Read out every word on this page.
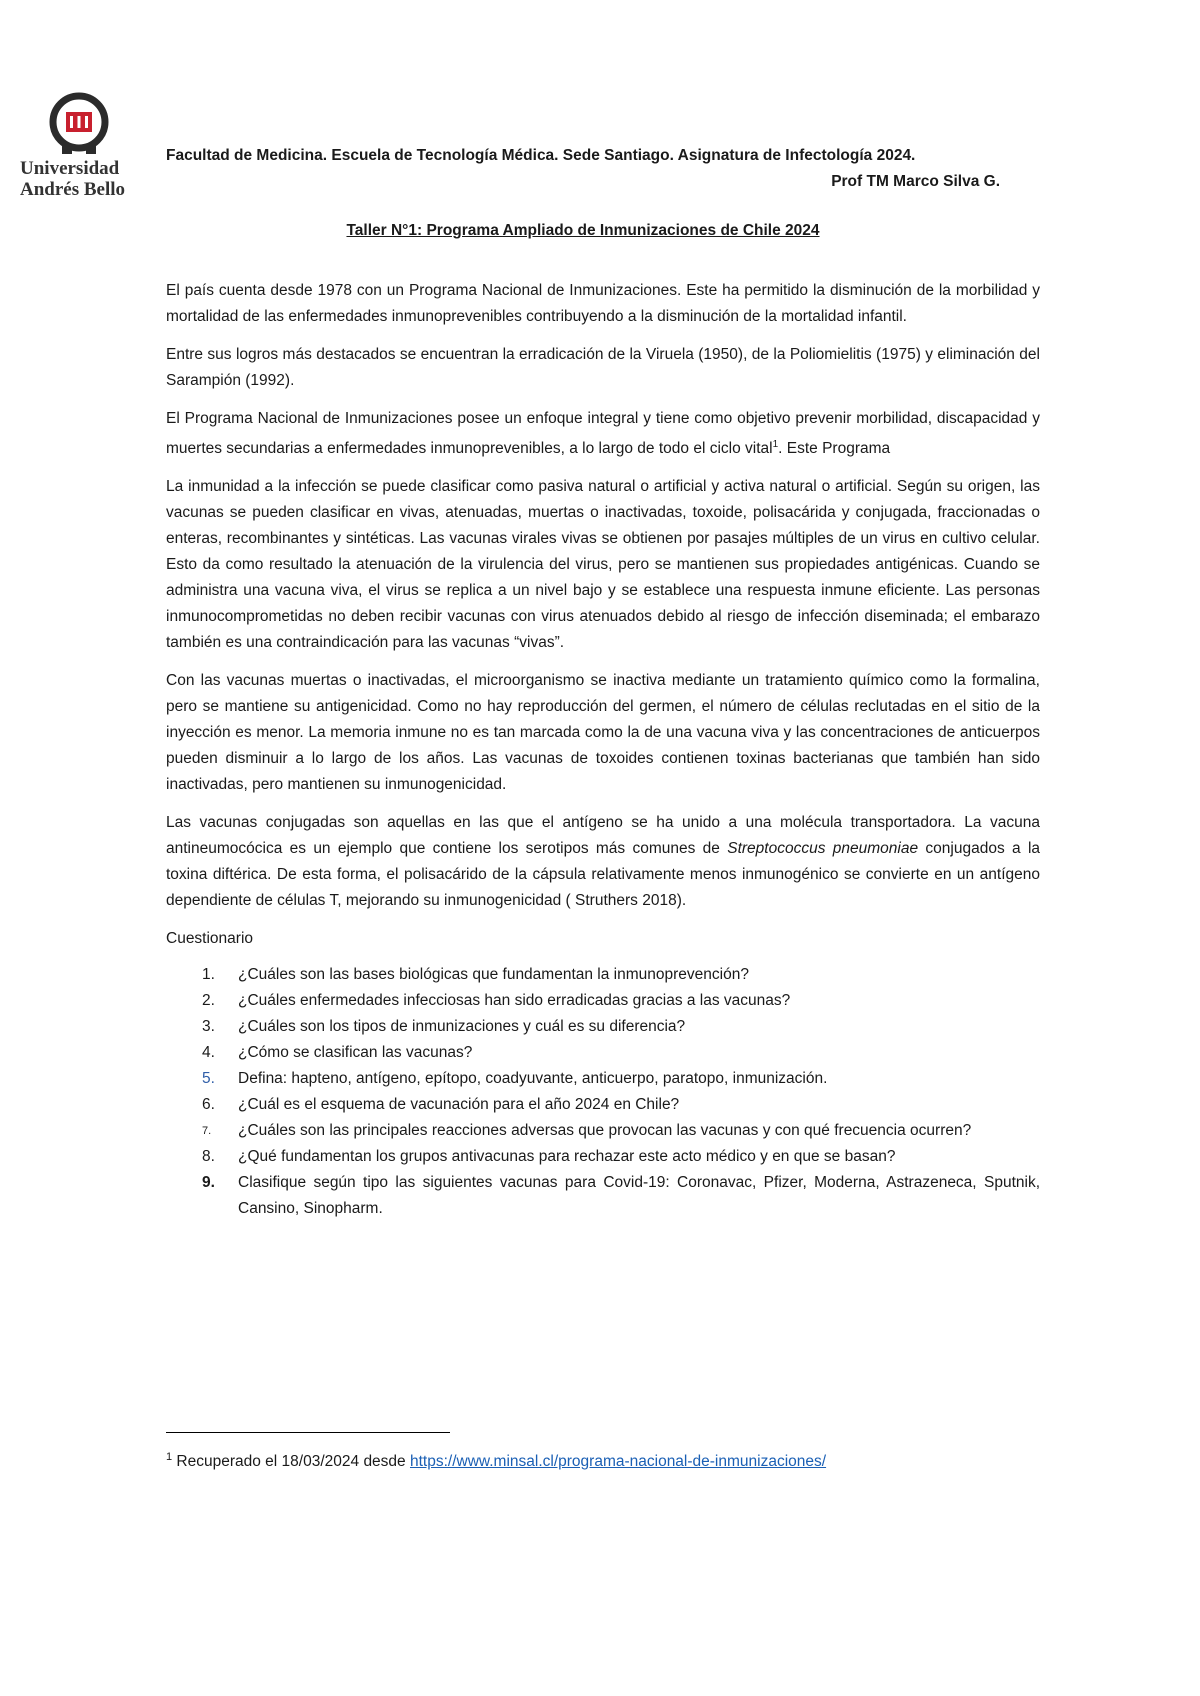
Universidad
Andrés Bello
Facultad de Medicina. Escuela de Tecnología Médica. Sede Santiago. Asignatura de Infectología 2024.
Prof TM Marco Silva G.
Taller N°1: Programa Ampliado de Inmunizaciones de Chile 2024

El país cuenta desde 1978 con un Programa Nacional de Inmunizaciones. Este ha permitido la disminución de la morbilidad y mortalidad de las enfermedades inmunoprevenibles contribuyendo a la disminución de la mortalidad infantil.

Entre sus logros más destacados se encuentran la erradicación de la Viruela (1950), de la Poliomielitis (1975) y eliminación del Sarampión (1992).

El Programa Nacional de Inmunizaciones posee un enfoque integral y tiene como objetivo prevenir morbilidad, discapacidad y muertes secundarias a enfermedades inmunoprevenibles, a lo largo de todo el ciclo vital$^1$. Este Programa

La inmunidad a la infección se puede clasificar como pasiva natural o artificial y activa natural o artificial. Según su origen, las vacunas se pueden clasificar en vivas, atenuadas, muertas o inactivadas, toxoide, polisacárida y conjugada, fraccionadas o enteras, recombinantes y sintéticas. Las vacunas virales vivas se obtienen por pasajes múltiples de un virus en cultivo celular. Esto da como resultado la atenuación de la virulencia del virus, pero se mantienen sus propiedades antigénicas. Cuando se administra una vacuna viva, el virus se replica a un nivel bajo y se establece una respuesta inmune eficiente. Las personas inmunocomprometidas no deben recibir vacunas con virus atenuados debido al riesgo de infección diseminada; el embarazo también es una contraindicación para las vacunas “vivas”.

Con las vacunas muertas o inactivadas, el microorganismo se inactiva mediante un tratamiento químico como la formalina, pero se mantiene su antigenicidad. Como no hay reproducción del germen, el número de células reclutadas en el sitio de la inyección es menor. La memoria inmune no es tan marcada como la de una vacuna viva y las concentraciones de anticuerpos pueden disminuir a lo largo de los años. Las vacunas de toxoides contienen toxinas bacterianas que también han sido inactivadas, pero mantienen su inmunogenicidad.

Las vacunas conjugadas son aquellas en las que el antígeno se ha unido a una molécula transportadora. La vacuna antineumocócica es un ejemplo que contiene los serotipos más comunes de Streptococcus pneumoniae conjugados a la toxina diftérica. De esta forma, el polisacárido de la cápsula relativamente menos inmunogénico se convierte en un antígeno dependiente de células T, mejorando su inmunogenicidad ( Struthers 2018).

Cuestionario
1.	¿Cuáles son las bases biológicas que fundamentan la inmunoprevención?
2.	¿Cuáles enfermedades infecciosas han sido erradicadas gracias a las vacunas?
3.	¿Cuáles son los tipos de inmunizaciones y cuál es su diferencia?
4.	¿Cómo se clasifican las vacunas?
5.	Defina: hapteno, antígeno, epítopo, coadyuvante, anticuerpo, paratopo, inmunización.
6.	¿Cuál es el esquema de vacunación para el año 2024 en Chile?
7.	¿Cuáles son las principales reacciones adversas que provocan las vacunas y con qué frecuencia ocurren?
8.	¿Qué fundamentan los grupos antivacunas para rechazar este acto médico y en que se basan?
9.	Clasifique según tipo las siguientes vacunas para Covid-19: Coronavac, Pfizer, Moderna, Astrazeneca, Sputnik, Cansino, Sinopharm.
$^1$ Recuperado el 18/03/2024 desde https://www.minsal.cl/programa-nacional-de-inmunizaciones/
